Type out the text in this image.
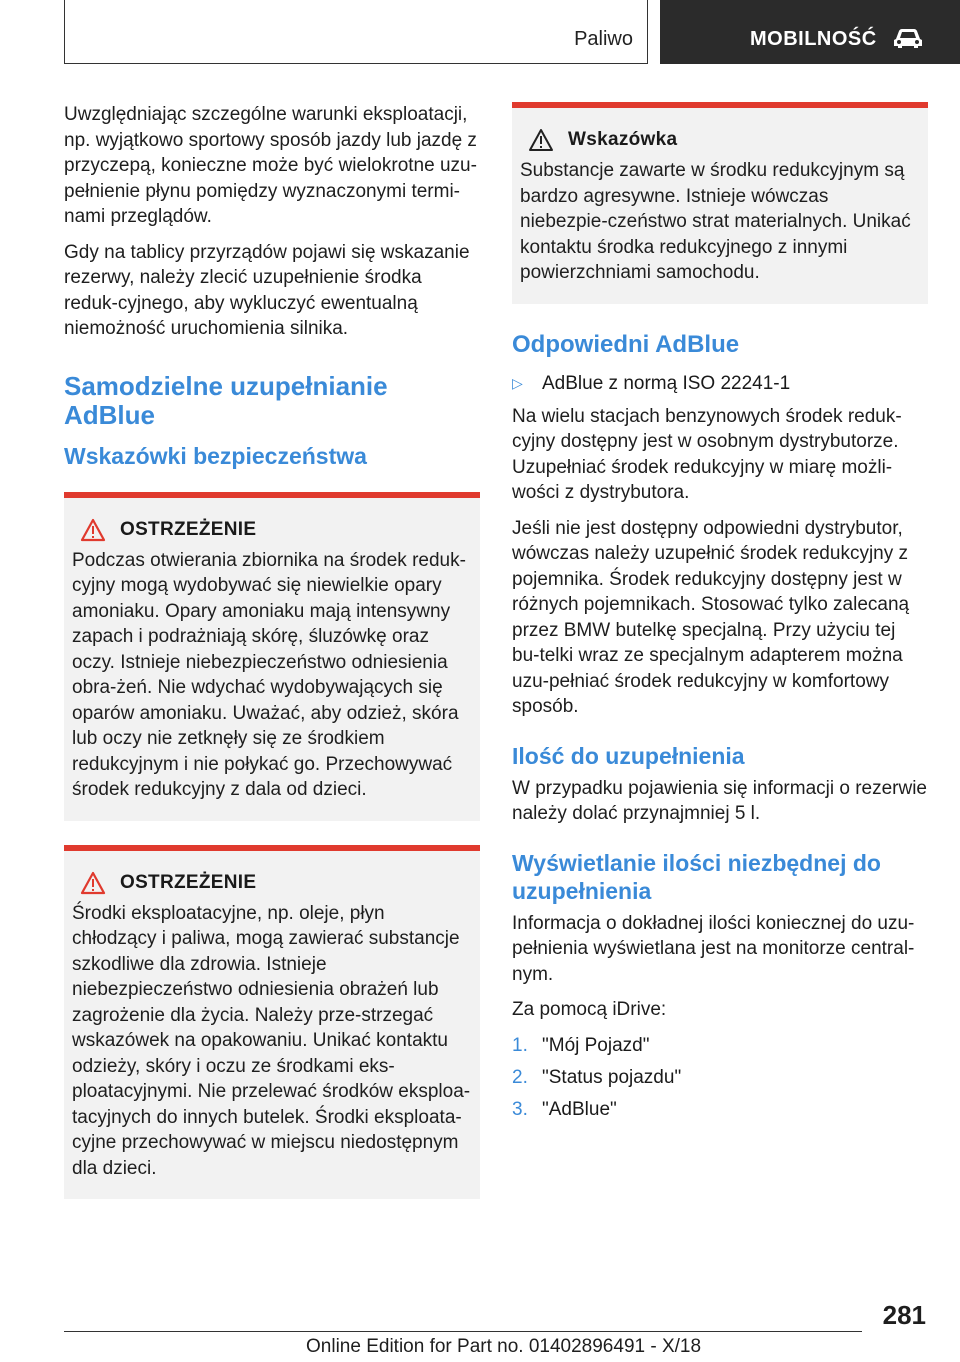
Paliwo	MOBILNOŚĆ

Uwzględniając szczególne warunki eksploatacji, np. wyjątkowo sportowy sposób jazdy lub jazdę z przyczepą, konieczne może być wielokrotne uzu-pełnienie płynu pomiędzy wyznaczonymi termi-nami przeglądów.

Gdy na tablicy przyrządów pojawi się wskazanie rezerwy, należy zlecić uzupełnienie środka reduk-cyjnego, aby wykluczyć ewentualną niemożność uruchomienia silnika.

Samodzielne uzupełnianie AdBlue
Wskazówki bezpieczeństwa
OSTRZEŻENIE

Podczas otwierania zbiornika na środek reduk-cyjny mogą wydobywać się niewielkie opary amoniaku. Opary amoniaku mają intensywny zapach i podrażniają skórę, śluzówkę oraz oczy. Istnieje niebezpieczeństwo odniesienia obra-żeń. Nie wdychać wydobywających się oparów amoniaku. Uważać, aby odzież, skóra lub oczy nie zetknęły się ze środkiem redukcyjnym i nie połykać go. Przechowywać środek redukcyjny z dala od dzieci.

OSTRZEŻENIE

Środki eksploatacyjne, np. oleje, płyn chłodzący i paliwa, mogą zawierać substancje szkodliwe dla zdrowia. Istnieje niebezpieczeństwo odniesienia obrażeń lub zagrożenie dla życia. Należy prze-strzegać wskazówek na opakowaniu. Unikać kontaktu odzieży, skóry i oczu ze środkami eks-ploatacyjnymi. Nie przelewać środków eksploa-tacyjnych do innych butelek. Środki eksploata-cyjne przechowywać w miejscu niedostępnym dla dzieci.

Wskazówka

Substancje zawarte w środku redukcyjnym są bardzo agresywne. Istnieje wówczas niebezpie-czeństwo strat materialnych. Unikać kontaktu środka redukcyjnego z innymi powierzchniami samochodu.

Odpowiedni AdBlue
▷	AdBlue z normą ISO 22241-1

Na wielu stacjach benzynowych środek reduk-cyjny dostępny jest w osobnym dystrybutorze. Uzupełniać środek redukcyjny w miarę możli-wości z dystrybutora.

Jeśli nie jest dostępny odpowiedni dystrybutor, wówczas należy uzupełnić środek redukcyjny z pojemnika. Środek redukcyjny dostępny jest w różnych pojemnikach. Stosować tylko zalecaną przez BMW butelkę specjalną. Przy użyciu tej bu-telki wraz ze specjalnym adapterem można uzu-pełniać środek redukcyjny w komfortowy sposób.

Ilość do uzupełnienia

W przypadku pojawienia się informacji o rezerwie należy dolać przynajmniej 5 l.

Wyświetlanie ilości niezbędnej do uzupełnienia

Informacja o dokładnej ilości koniecznej do uzu-pełnienia wyświetlana jest na monitorze central-nym.

Za pomocą iDrive:

1. "Mój Pojazd"
2. "Status pojazdu"
3. "AdBlue"
281
Online Edition for Part no. 01402896491 - X/18
